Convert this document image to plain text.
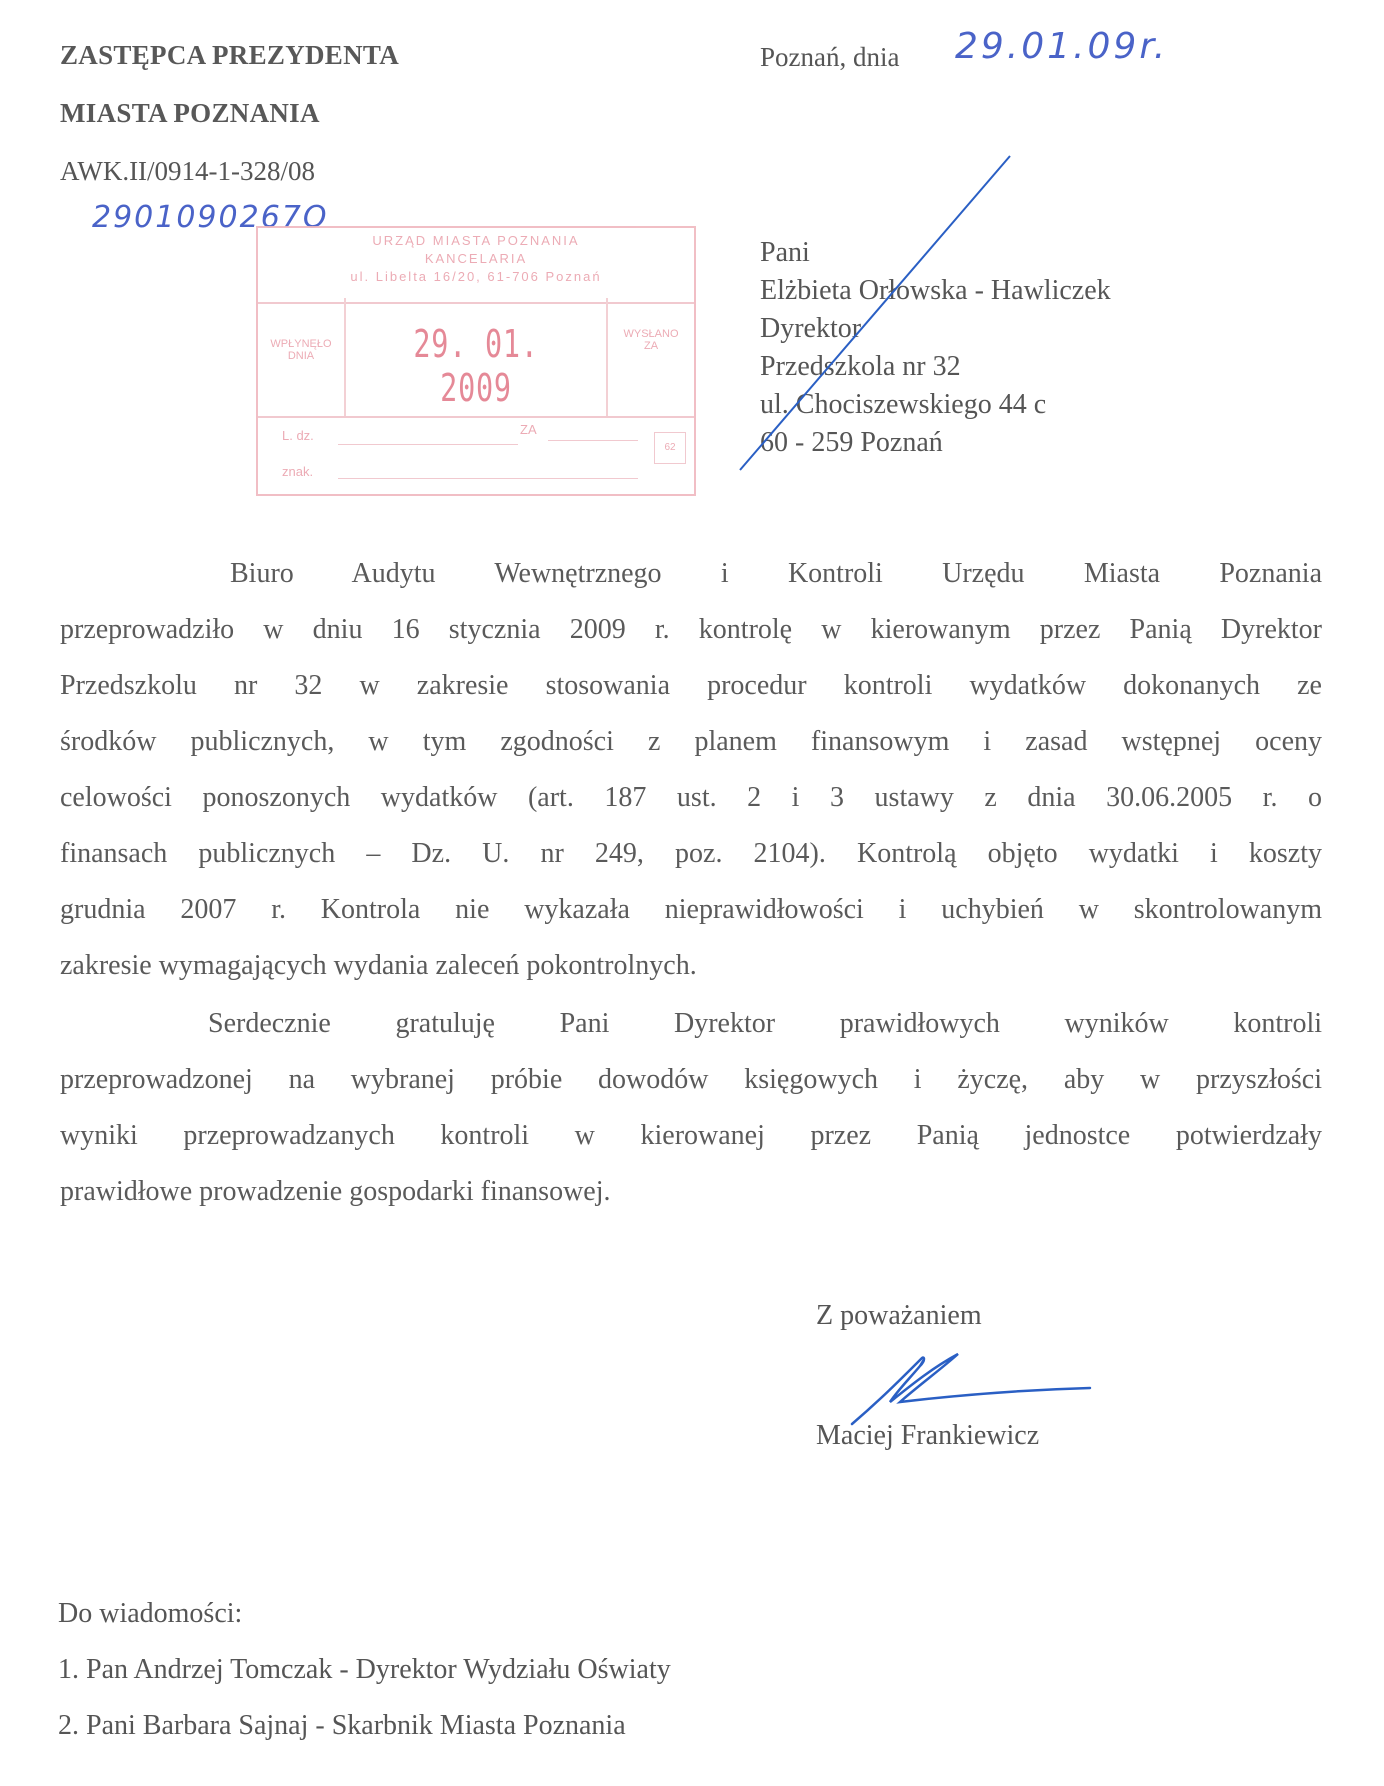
ZASTĘPCA PREZYDENTA
MIASTA POZNANIA
AWK.II/0914-1-328/08
2901090267O
Poznań, dnia 29.01.09r.
URZĄD MIASTA POZNANIA
KANCELARIA
ul. Libelta 16/20, 61-706 Poznań
WPŁYNĘŁO
DNIA	29. 01. 2009
WYSŁANO
ZA
L. dz.	ZA
znak.
62
Pani
Elżbieta Orłowska - Hawliczek
Dyrektor
Przedszkola nr 32
ul. Chociszewskiego 44 c
60 - 259 Poznań
Biuro Audytu Wewnętrznego i Kontroli Urzędu Miasta Poznania
przeprowadziło w dniu 16 stycznia 2009 r. kontrolę w kierowanym przez Panią Dyrektor
Przedszkolu nr 32 w zakresie stosowania procedur kontroli wydatków dokonanych ze
środków publicznych, w tym zgodności z planem finansowym i zasad wstępnej oceny
celowości ponoszonych wydatków (art. 187 ust. 2 i 3 ustawy z dnia 30.06.2005 r. o
finansach publicznych – Dz. U. nr 249, poz. 2104). Kontrolą objęto wydatki i koszty
grudnia 2007 r. Kontrola nie wykazała nieprawidłowości i uchybień w skontrolowanym
zakresie wymagających wydania zaleceń pokontrolnych.
Serdecznie gratuluję Pani Dyrektor prawidłowych wyników kontroli
przeprowadzonej na wybranej próbie dowodów księgowych i życzę, aby w przyszłości
wyniki przeprowadzanych kontroli w kierowanej przez Panią jednostce potwierdzały
prawidłowe prowadzenie gospodarki finansowej.
Z poważaniem
Maciej Frankiewicz
Do wiadomości:
1. Pan Andrzej Tomczak - Dyrektor Wydziału Oświaty
2. Pani Barbara Sajnaj - Skarbnik Miasta Poznania
